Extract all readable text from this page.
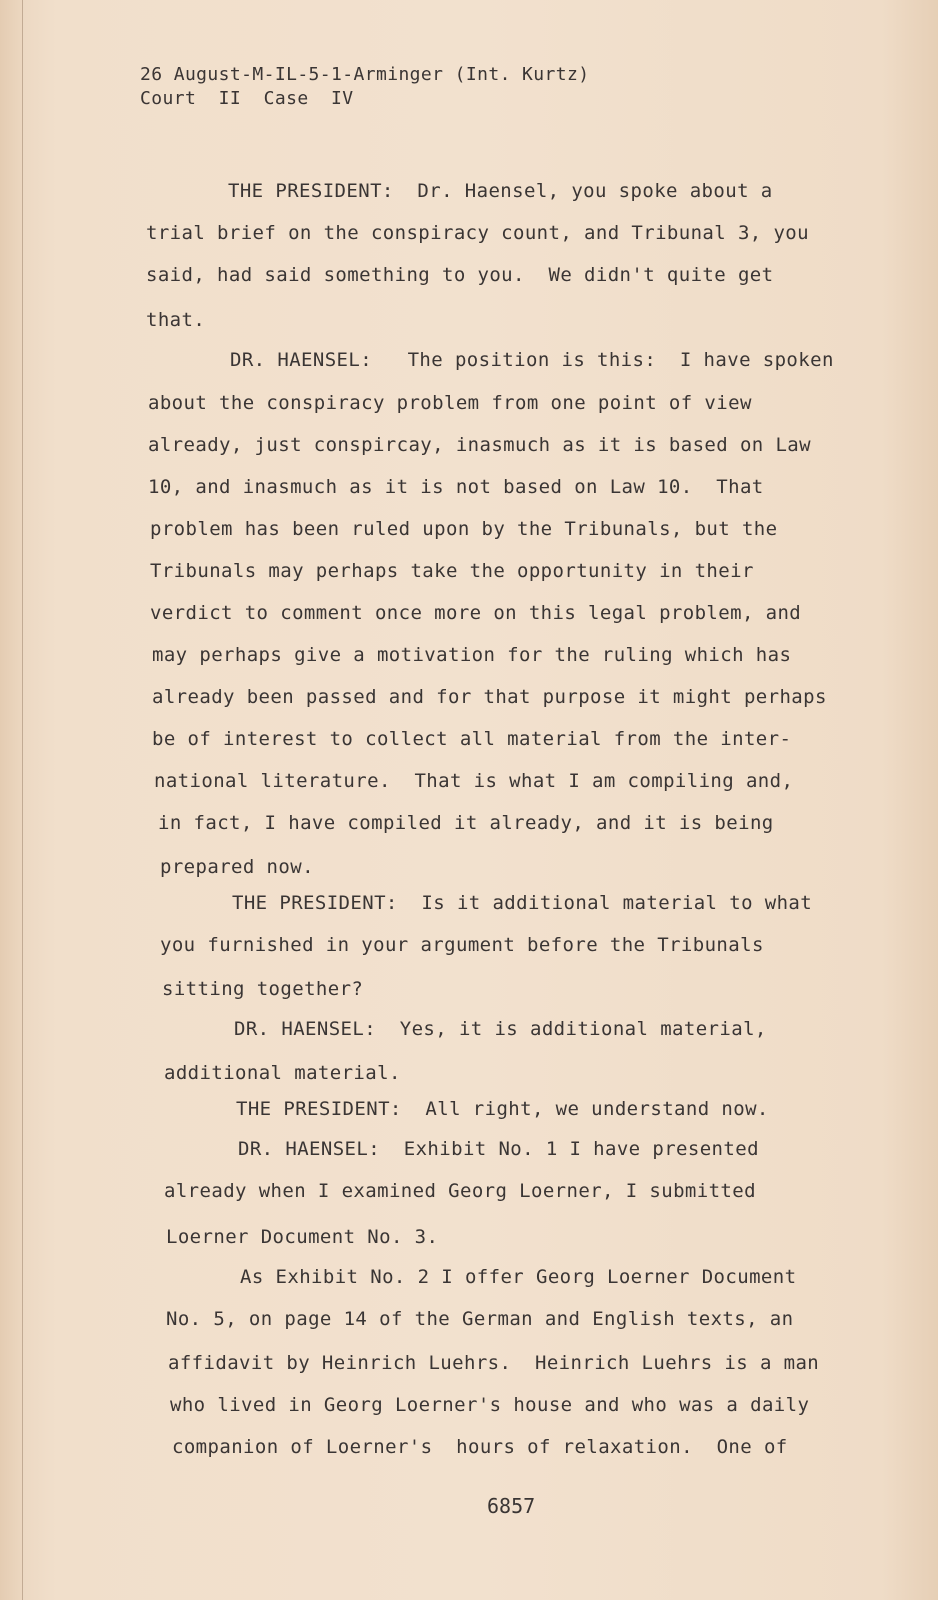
26 August-M-IL-5-1-Arminger (Int. Kurtz)
Court  II  Case  IV
THE PRESIDENT:  Dr. Haensel, you spoke about a
trial brief on the conspiracy count, and Tribunal 3, you
said, had said something to you.  We didn't quite get
that.
DR. HAENSEL:   The position is this:  I have spoken
about the conspiracy problem from one point of view
already, just conspircay, inasmuch as it is based on Law
10, and inasmuch as it is not based on Law 10.  That
problem has been ruled upon by the Tribunals, but the
Tribunals may perhaps take the opportunity in their
verdict to comment once more on this legal problem, and
may perhaps give a motivation for the ruling which has
already been passed and for that purpose it might perhaps
be of interest to collect all material from the inter-
national literature.  That is what I am compiling and,
in fact, I have compiled it already, and it is being
prepared now.
THE PRESIDENT:  Is it additional material to what
you furnished in your argument before the Tribunals
sitting together?
DR. HAENSEL:  Yes, it is additional material,
additional material.
THE PRESIDENT:  All right, we understand now.
DR. HAENSEL:  Exhibit No. 1 I have presented
already when I examined Georg Loerner, I submitted
Loerner Document No. 3.
As Exhibit No. 2 I offer Georg Loerner Document
No. 5, on page 14 of the German and English texts, an
affidavit by Heinrich Luehrs.  Heinrich Luehrs is a man
who lived in Georg Loerner's house and who was a daily
companion of Loerner's  hours of relaxation.  One of
6857
